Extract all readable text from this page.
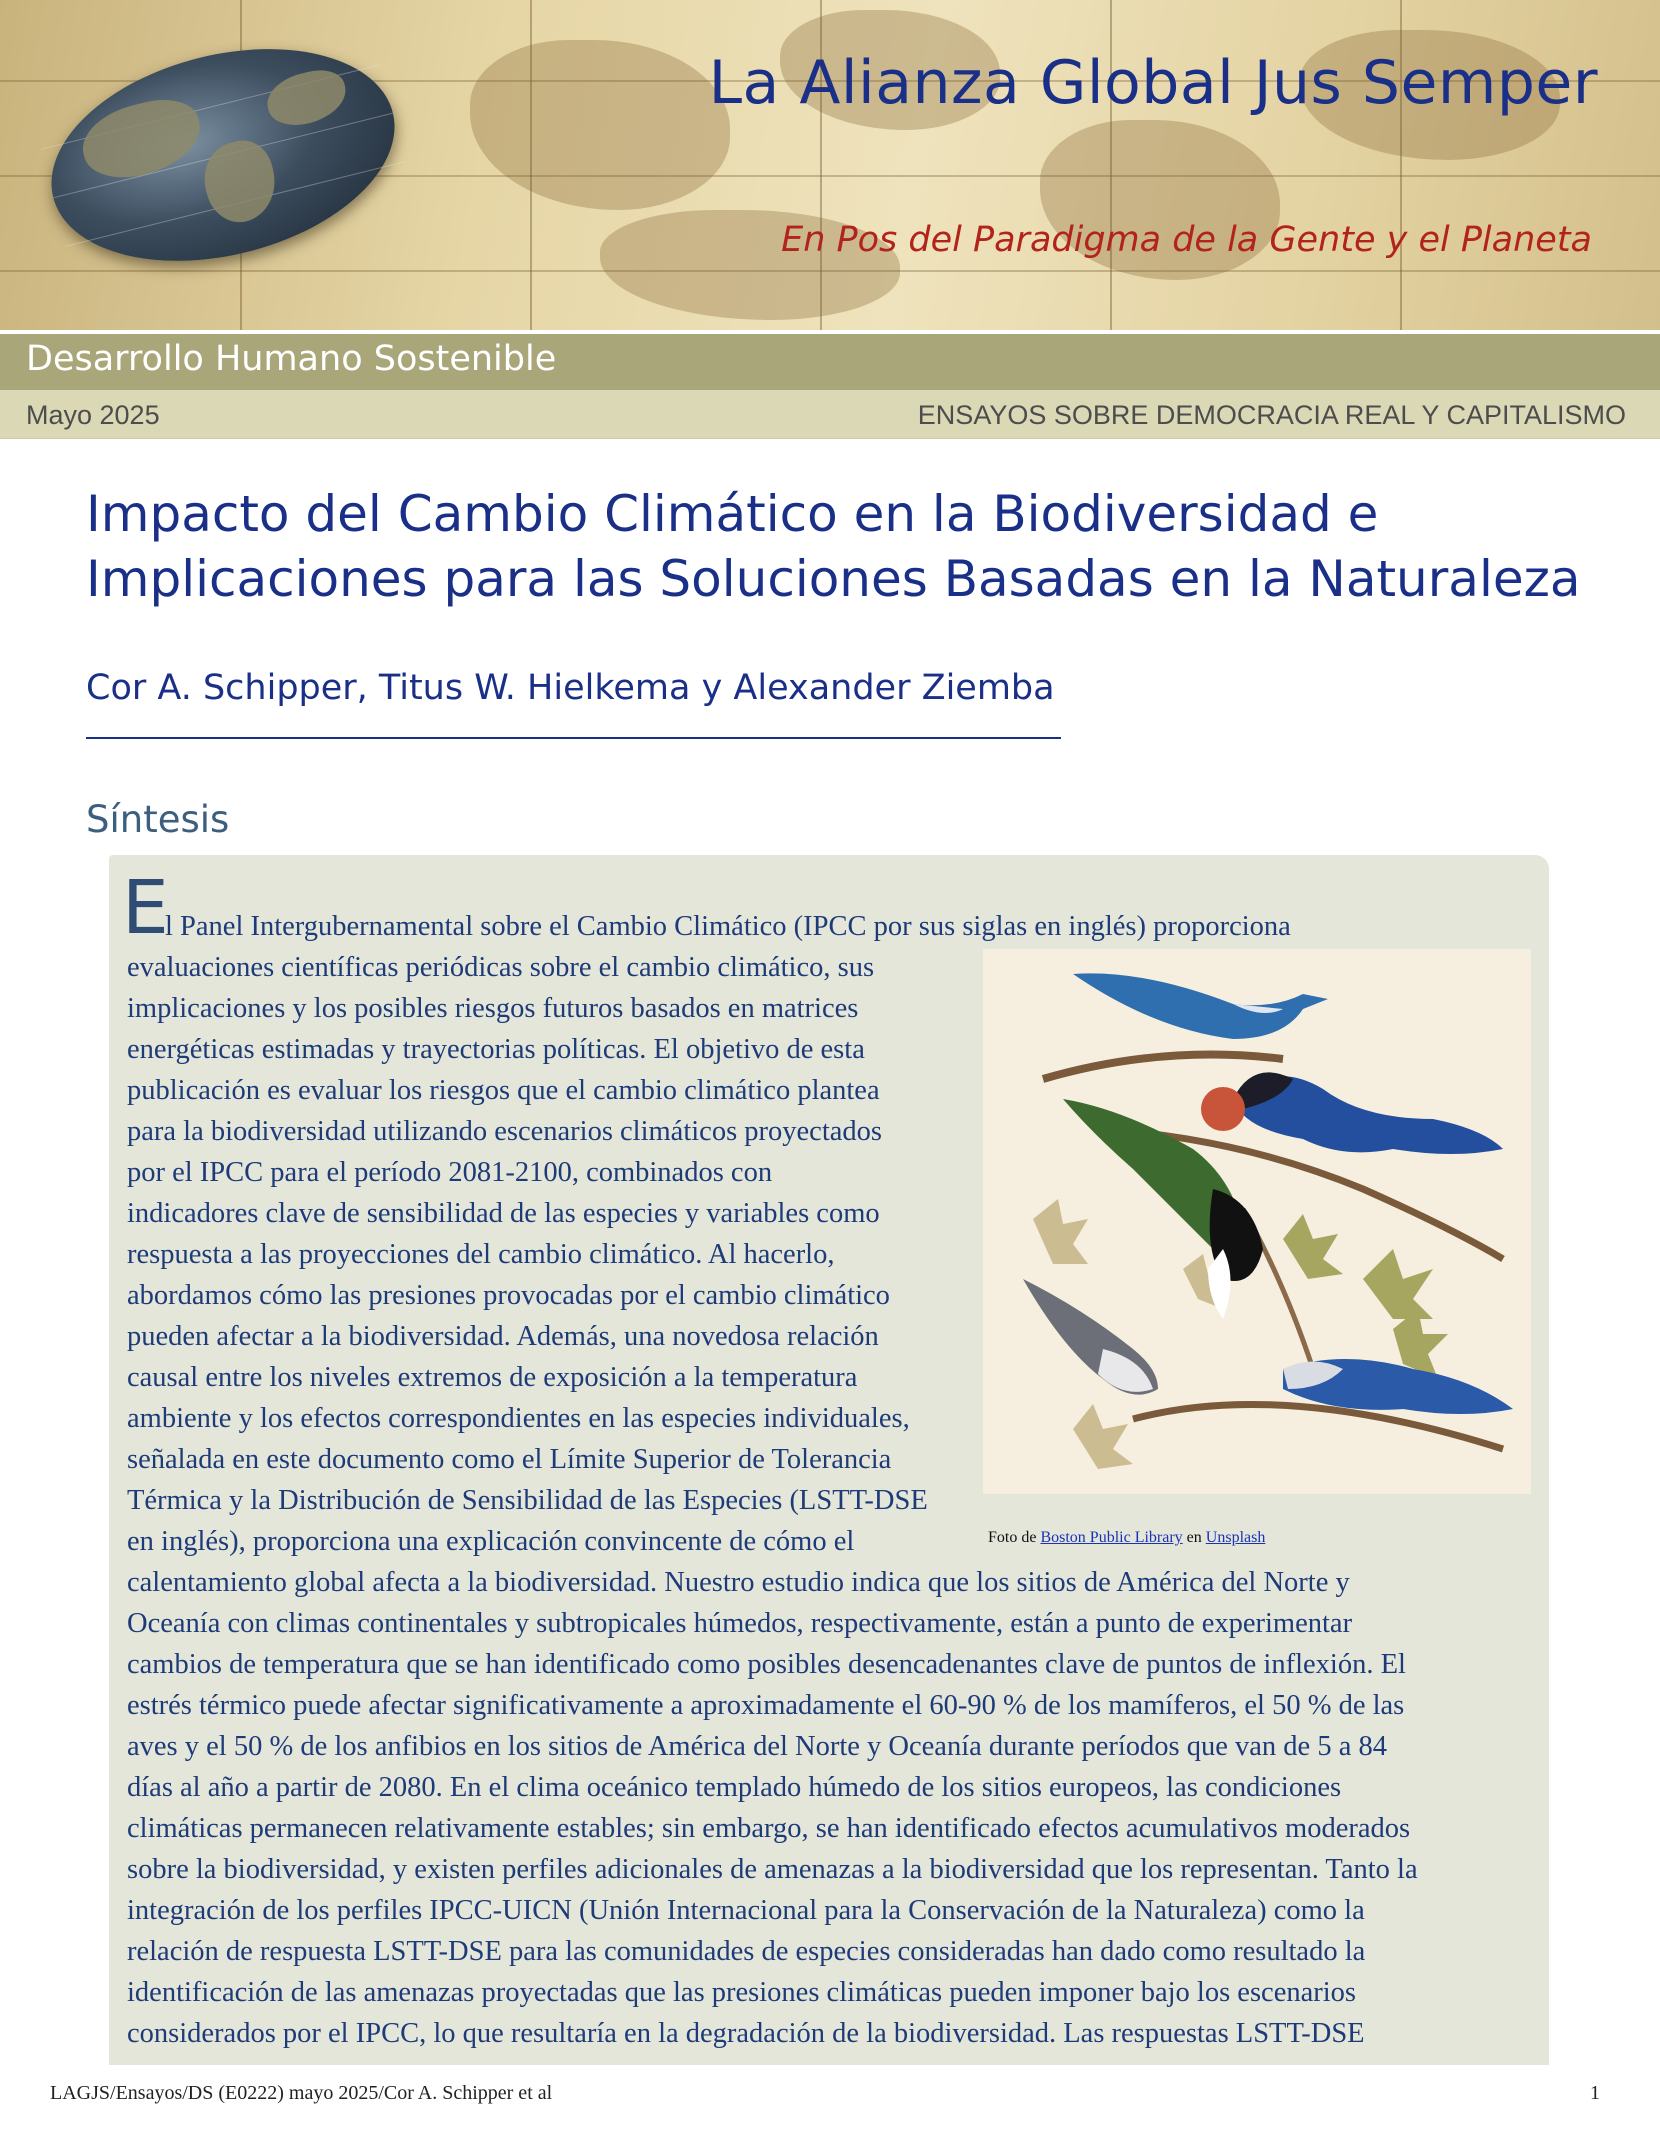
La Alianza Global Jus Semper

En Pos del Paradigma de la Gente y el Planeta

Desarrollo Humano Sostenible

Mayo 2025	ENSAYOS SOBRE DEMOCRACIA REAL Y CAPITALISMO
Impacto del Cambio Climático en la Biodiversidad e
Implicaciones para las Soluciones Basadas en la Naturaleza

Cor A. Schipper, Titus W. Hielkema y Alexander Ziemba

Síntesis
E

l Panel Intergubernamental sobre el Cambio Climático (IPCC por sus siglas en inglés) proporciona

evaluaciones científicas periódicas sobre el cambio climático, sus

implicaciones y los posibles riesgos futuros basados en matrices

energéticas estimadas y trayectorias políticas. El objetivo de esta

publicación es evaluar los riesgos que el cambio climático plantea

para la biodiversidad utilizando escenarios climáticos proyectados

por el IPCC para el período 2081-2100, combinados con

indicadores clave de sensibilidad de las especies y variables como

respuesta a las proyecciones del cambio climático. Al hacerlo,

abordamos cómo las presiones provocadas por el cambio climático

pueden afectar a la biodiversidad. Además, una novedosa relación

causal entre los niveles extremos de exposición a la temperatura

ambiente y los efectos correspondientes en las especies individuales,

señalada en este documento como el Límite Superior de Tolerancia

Térmica y la Distribución de Sensibilidad de las Especies (LSTT-DSE

en inglés), proporciona una explicación convincente de cómo el

calentamiento global afecta a la biodiversidad. Nuestro estudio indica que los sitios de América del Norte y

Oceanía con climas continentales y subtropicales húmedos, respectivamente, están a punto de experimentar

cambios de temperatura que se han identificado como posibles desencadenantes clave de puntos de inflexión. El

estrés térmico puede afectar significativamente a aproximadamente el 60-90 % de los mamíferos, el 50 % de las

aves y el 50 % de los anfibios en los sitios de América del Norte y Oceanía durante períodos que van de 5 a 84

días al año a partir de 2080. En el clima oceánico templado húmedo de los sitios europeos, las condiciones

climáticas permanecen relativamente estables; sin embargo, se han identificado efectos acumulativos moderados

sobre la biodiversidad, y existen perfiles adicionales de amenazas a la biodiversidad que los representan. Tanto la

integración de los perfiles IPCC-UICN (Unión Internacional para la Conservación de la Naturaleza) como la

relación de respuesta LSTT-DSE para las comunidades de especies consideradas han dado como resultado la

identificación de las amenazas proyectadas que las presiones climáticas pueden imponer bajo los escenarios

considerados por el IPCC, lo que resultaría en la degradación de la biodiversidad. Las respuestas LSTT-DSE

Foto de Boston Public Library en Unsplash
LAGJS/Ensayos/DS (E0222) mayo 2025/Cor A. Schipper et al	1
